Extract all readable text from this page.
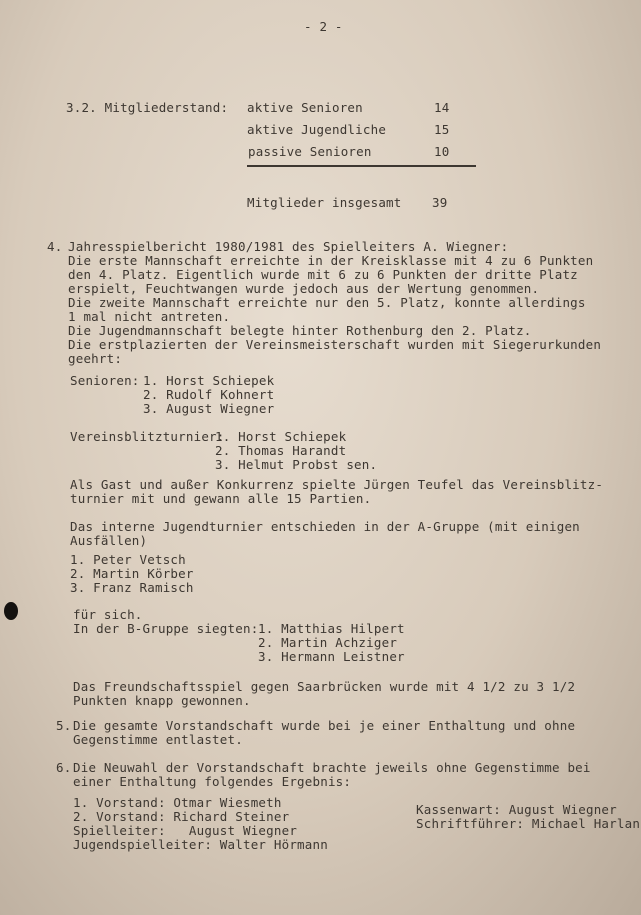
- 2 -
3.2. Mitgliederstand: aktive Senioren	14
aktive Jugendliche	15
passive Senioren	10
Mitglieder insgesamt 39
4. Jahresspielbericht 1980/1981 des Spielleiters A. Wiegner:
Die erste Mannschaft erreichte in der Kreisklasse mit 4 zu 6 Punkten
den 4. Platz. Eigentlich wurde mit 6 zu 6 Punkten der dritte Platz
erspielt, Feuchtwangen wurde jedoch aus der Wertung genommen.
Die zweite Mannschaft erreichte nur den 5. Platz, konnte allerdings
1 mal nicht antreten.
Die Jugendmannschaft belegte hinter Rothenburg den 2. Platz.
Die erstplazierten der Vereinsmeisterschaft wurden mit Siegerurkunden
geehrt:
Senioren: 1. Horst Schiepek
2. Rudolf Kohnert
3. August Wiegner
Vereinsblitzturnier:
1. Horst Schiepek
2. Thomas Harandt
3. Helmut Probst sen.
Als Gast und außer Konkurrenz spielte Jürgen Teufel das Vereinsblitz-
turnier mit und gewann alle 15 Partien.
Das interne Jugendturnier entschieden in der A-Gruppe (mit einigen
Ausfällen)
1. Peter Vetsch
2. Martin Körber
3. Franz Ramisch
für sich.
In der B-Gruppe siegten: 1. Matthias Hilpert
2. Martin Achziger
3. Hermann Leistner
Das Freundschaftsspiel gegen Saarbrücken wurde mit 4 1/2 zu 3 1/2
Punkten knapp gewonnen.
5. Die gesamte Vorstandschaft wurde bei je einer Enthaltung und ohne
Gegenstimme entlastet.
6. Die Neuwahl der Vorstandschaft brachte jeweils ohne Gegenstimme bei
einer Enthaltung folgendes Ergebnis:
1. Vorstand: Otmar Wiesmeth
2. Vorstand: Richard Steiner
Spielleiter:   August Wiegner
Jugendspielleiter: Walter Hörmann
Kassenwart: August Wiegner
Schriftführer: Michael Harlan
